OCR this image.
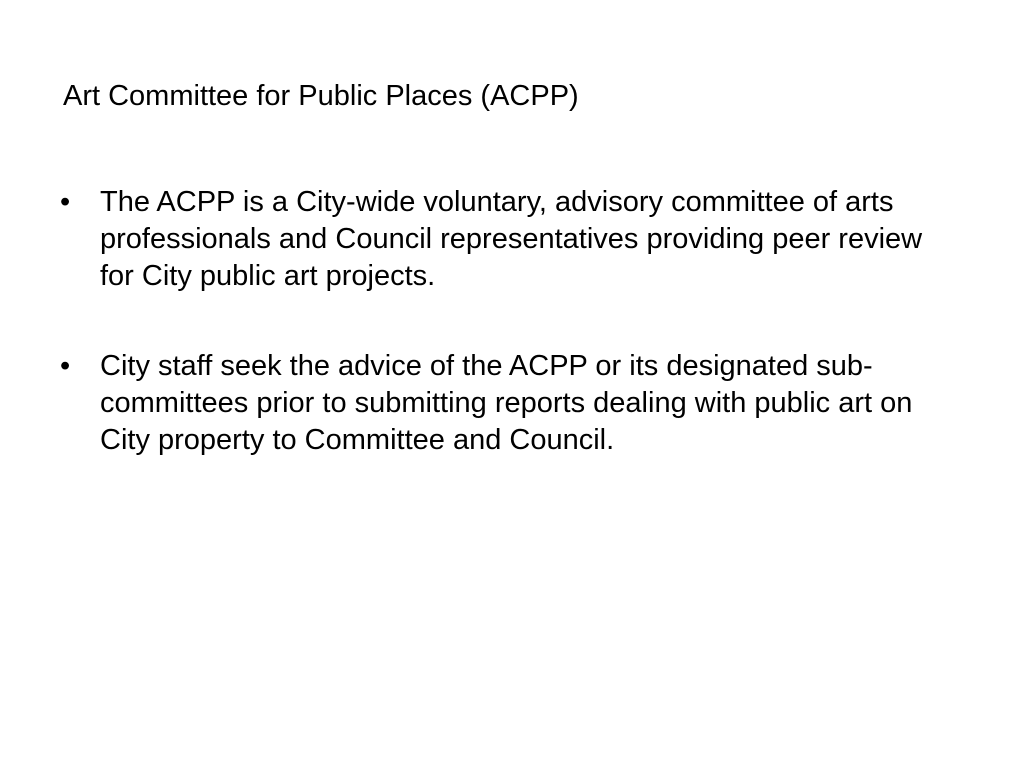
Art Committee for Public Places (ACPP)
• The ACPP is a City-wide voluntary, advisory committee of arts professionals and Council representatives providing peer review for City public art projects.
• City staff seek the advice of the ACPP or its designated sub-committees prior to submitting reports dealing with public art on City property to Committee and Council.
